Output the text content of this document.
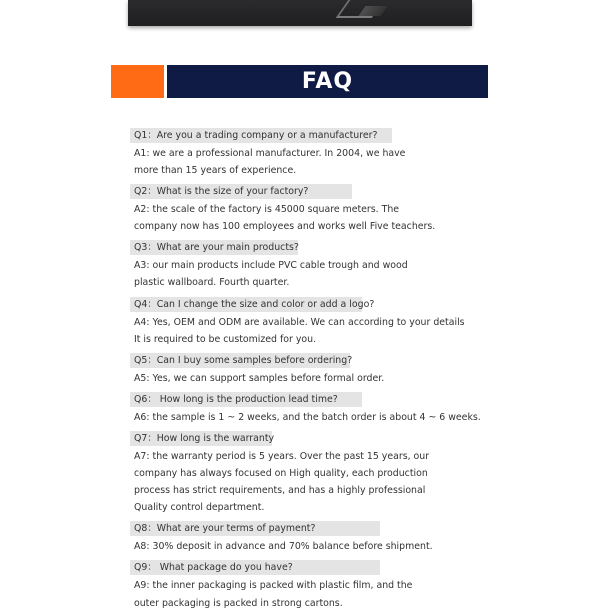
FAQ
Q1：Are you a trading company or a manufacturer?
A1: we are a professional manufacturer. In 2004, we have
more than 15 years of experience.
Q2：What is the size of your factory?
A2: the scale of the factory is 45000 square meters. The
company now has 100 employees and works well Five teachers.
Q3：What are your main products?
A3: our main products include PVC cable trough and wood
plastic wallboard. Fourth quarter.
Q4：Can I change the size and color or add a logo?
A4: Yes, OEM and ODM are available. We can according to your details
It is required to be customized for you.
Q5：Can I buy some samples before ordering?
A5: Yes, we can support samples before formal order.
Q6： How long is the production lead time?
A6: the sample is 1 ~ 2 weeks, and the batch order is about 4 ~ 6 weeks.
Q7：How long is the warranty
A7: the warranty period is 5 years. Over the past 15 years, our
company has always focused on High quality, each production
process has strict requirements, and has a highly professional
Quality control department.
Q8：What are your terms of payment?
A8: 30% deposit in advance and 70% balance before shipment.
Q9： What package do you have?
A9: the inner packaging is packed with plastic film, and the
outer packaging is packed in strong cartons.
